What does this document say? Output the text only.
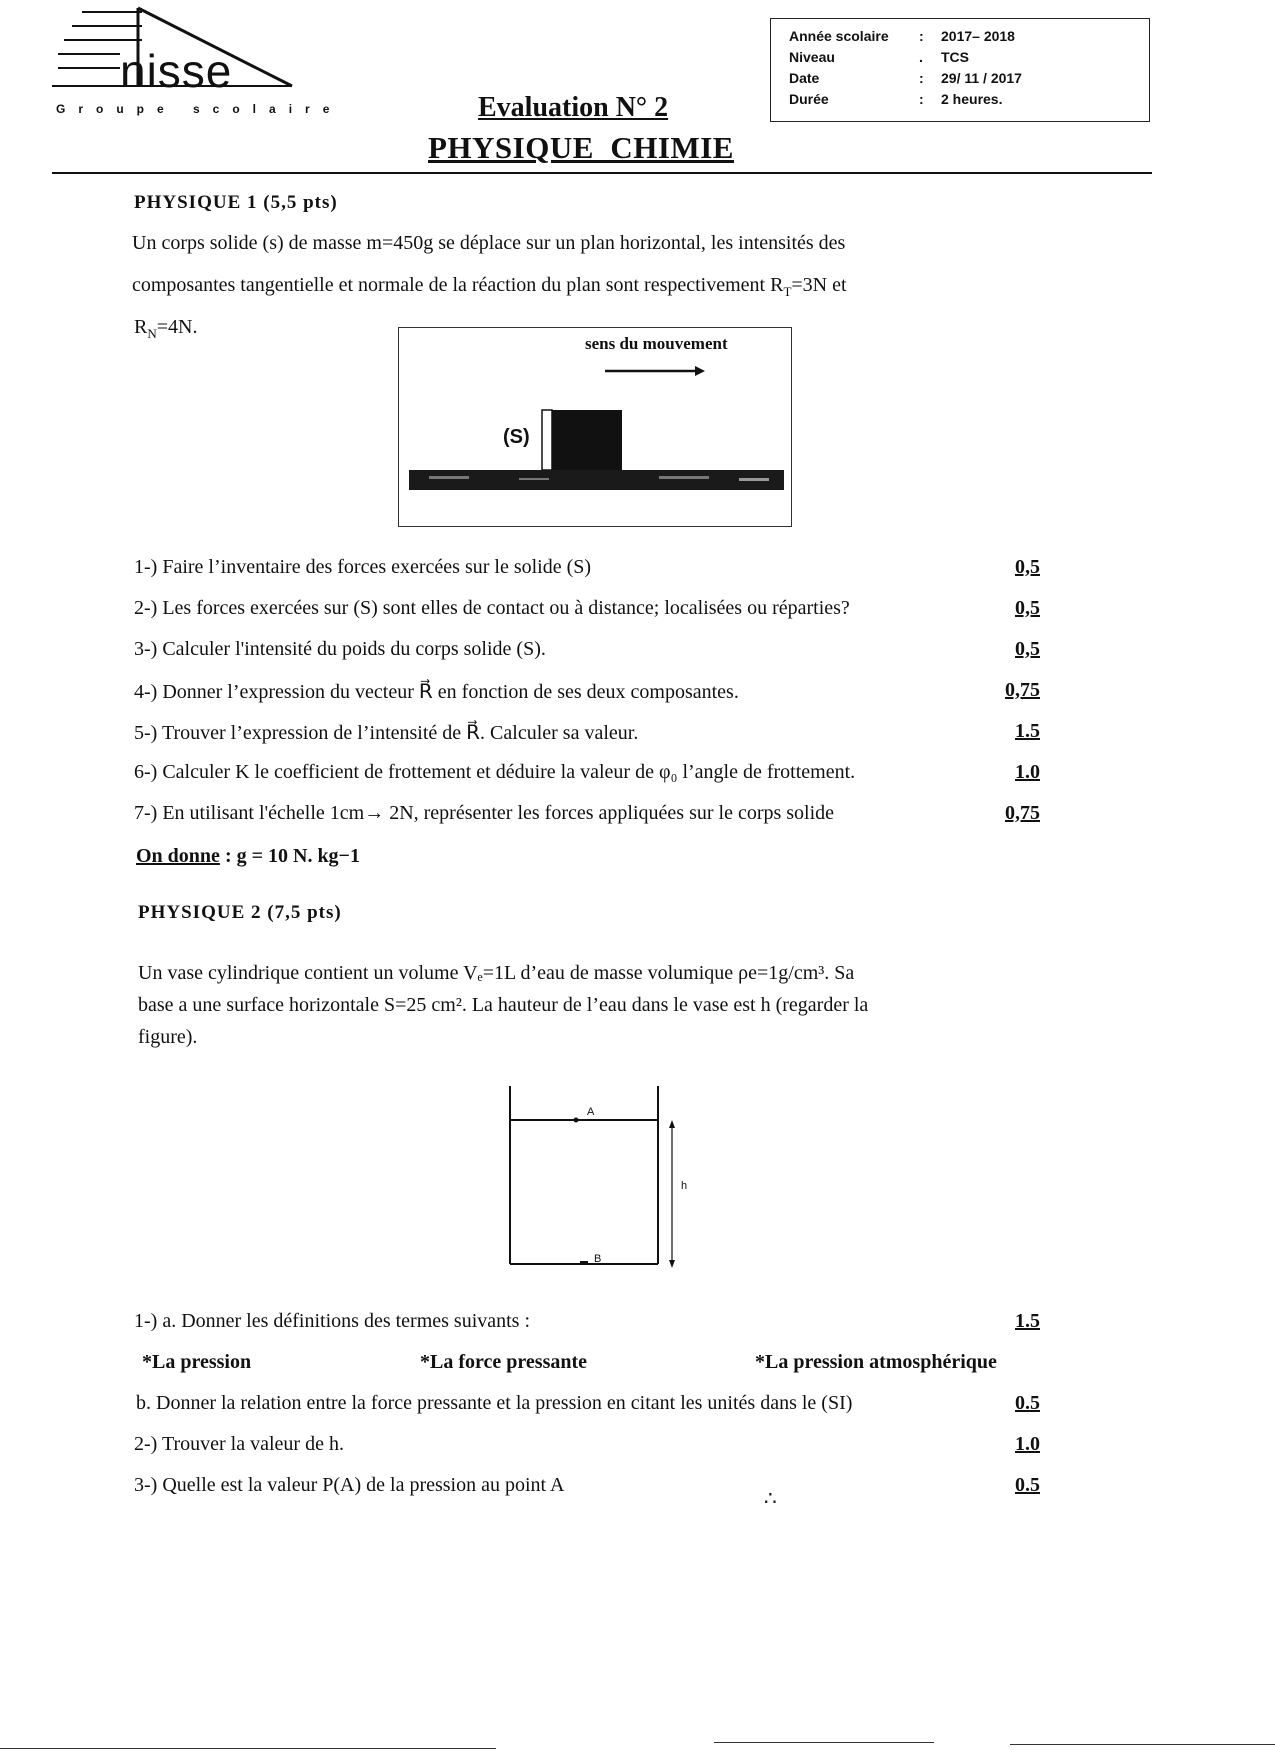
nisse
Groupe scolaire
Année scolaire	:	2017– 2018
Niveau	.	TCS
Date	:	29/ 11 / 2017
Durée	:	2 heures.
Evaluation N° 2
PHYSIQUE  CHIMIE
PHYSIQUE 1 (5,5 pts)
Un corps solide (s) de masse m=450g se déplace sur un plan horizontal, les intensités des
composantes tangentielle et normale de la réaction du plan sont respectivement $R_T=3N$ et
$R_N=4N$.
sens du mouvement
(S)
1-) Faire l’inventaire des forces exercées sur le solide (S)	0,5
2-) Les forces exercées sur (S) sont elles de contact ou à distance; localisées ou réparties?	0,5
3-) Calculer l'intensité du poids du corps solide (S).	0,5
4-) Donner l’expression du vecteur R⃗ en fonction de ses deux composantes.	0,75
5-) Trouver l’expression de l’intensité de R⃗. Calculer sa valeur.	1.5
6-) Calculer K le coefficient de frottement et déduire la valeur de φ₀ l’angle de frottement.	1.0
7-) En utilisant l'échelle 1cm→ 2N, représenter les forces appliquées sur le corps solide	0,75
On donne : g = 10 N. kg−1
PHYSIQUE 2 (7,5 pts)
Un vase cylindrique contient un volume Vₑ=1L d’eau de masse volumique ρe=1g/cm³. Sa
base a une surface horizontale S=25 cm². La hauteur de l’eau dans le vase est h (regarder la
figure).
A
B
h
1-) a. Donner les définitions des termes suivants :	1.5
*La pression	*La force pressante	*La pression atmosphérique
b. Donner la relation entre la force pressante et la pression en citant les unités dans le (SI)	0.5
2-) Trouver la valeur de h.	1.0
3-) Quelle est la valeur P(A) de la pression au point A	0.5
∴
